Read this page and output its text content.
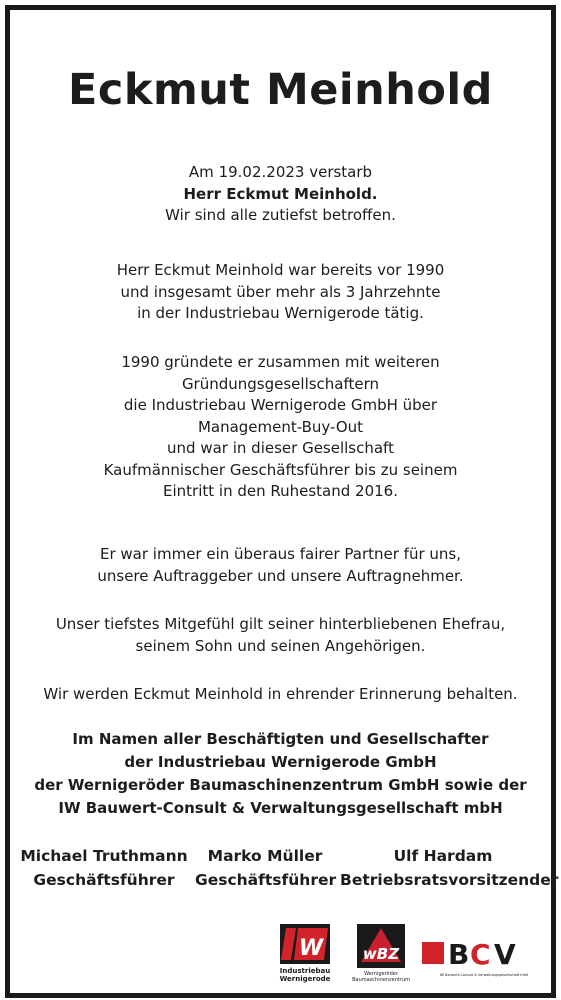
Eckmut Meinhold

Am 19.02.2023 verstarb

Herr Eckmut Meinhold.

Wir sind alle zutiefst betroffen.

Herr Eckmut Meinhold war bereits vor 1990

und insgesamt über mehr als 3 Jahrzehnte

in der Industriebau Wernigerode tätig.

1990 gründete er zusammen mit weiteren

Gründungsgesellschaftern

die Industriebau Wernigerode GmbH über

Management-Buy-Out

und war in dieser Gesellschaft

Kaufmännischer Geschäftsführer bis zu seinem

Eintritt in den Ruhestand 2016.

Er war immer ein überaus fairer Partner für uns,

unsere Auftraggeber und unsere Auftragnehmer.

Unser tiefstes Mitgefühl gilt seiner hinterbliebenen Ehefrau,

seinem Sohn und seinen Angehörigen.

Wir werden Eckmut Meinhold in ehrender Erinnerung behalten.

Im Namen aller Beschäftigten und Gesellschafter

der Industriebau Wernigerode GmbH

der Wernigeröder Baumaschinenzentrum GmbH sowie der

IW Bauwert-Consult & Verwaltungsgesellschaft mbH

Michael Truthmann
Geschäftsführer
Marko Müller
Geschäftsführer
Ulf Hardam
Betriebsratsvorsitzender
W
Industriebau
Wernigerode
wBZ
Wernigeröder
Baumaschinenzentrum
B
C V
IW Bauwert-Consult & Verwaltungsgesellschaft mbH
